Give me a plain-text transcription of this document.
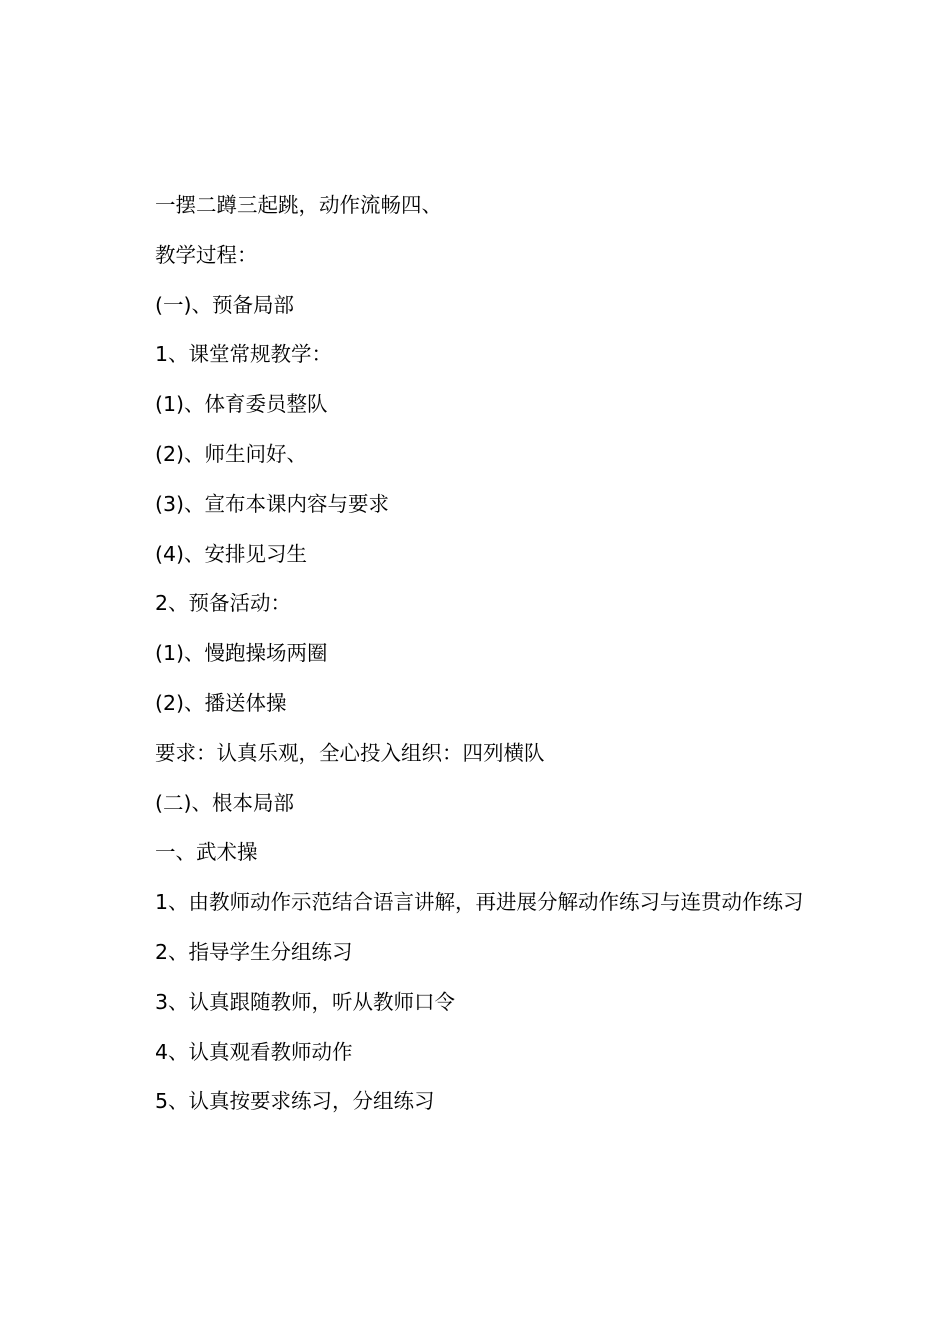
一摆二蹲三起跳，动作流畅四、
教学过程：
(一)、预备局部
1、课堂常规教学：
(1)、体育委员整队
(2)、师生问好、
(3)、宣布本课内容与要求
(4)、安排见习生
2、预备活动：
(1)、慢跑操场两圈
(2)、播送体操
要求：认真乐观，全心投入组织：四列横队
(二)、根本局部
一、武术操
1、由教师动作示范结合语言讲解，再进展分解动作练习与连贯动作练习
2、指导学生分组练习
3、认真跟随教师，听从教师口令
4、认真观看教师动作
5、认真按要求练习，分组练习
